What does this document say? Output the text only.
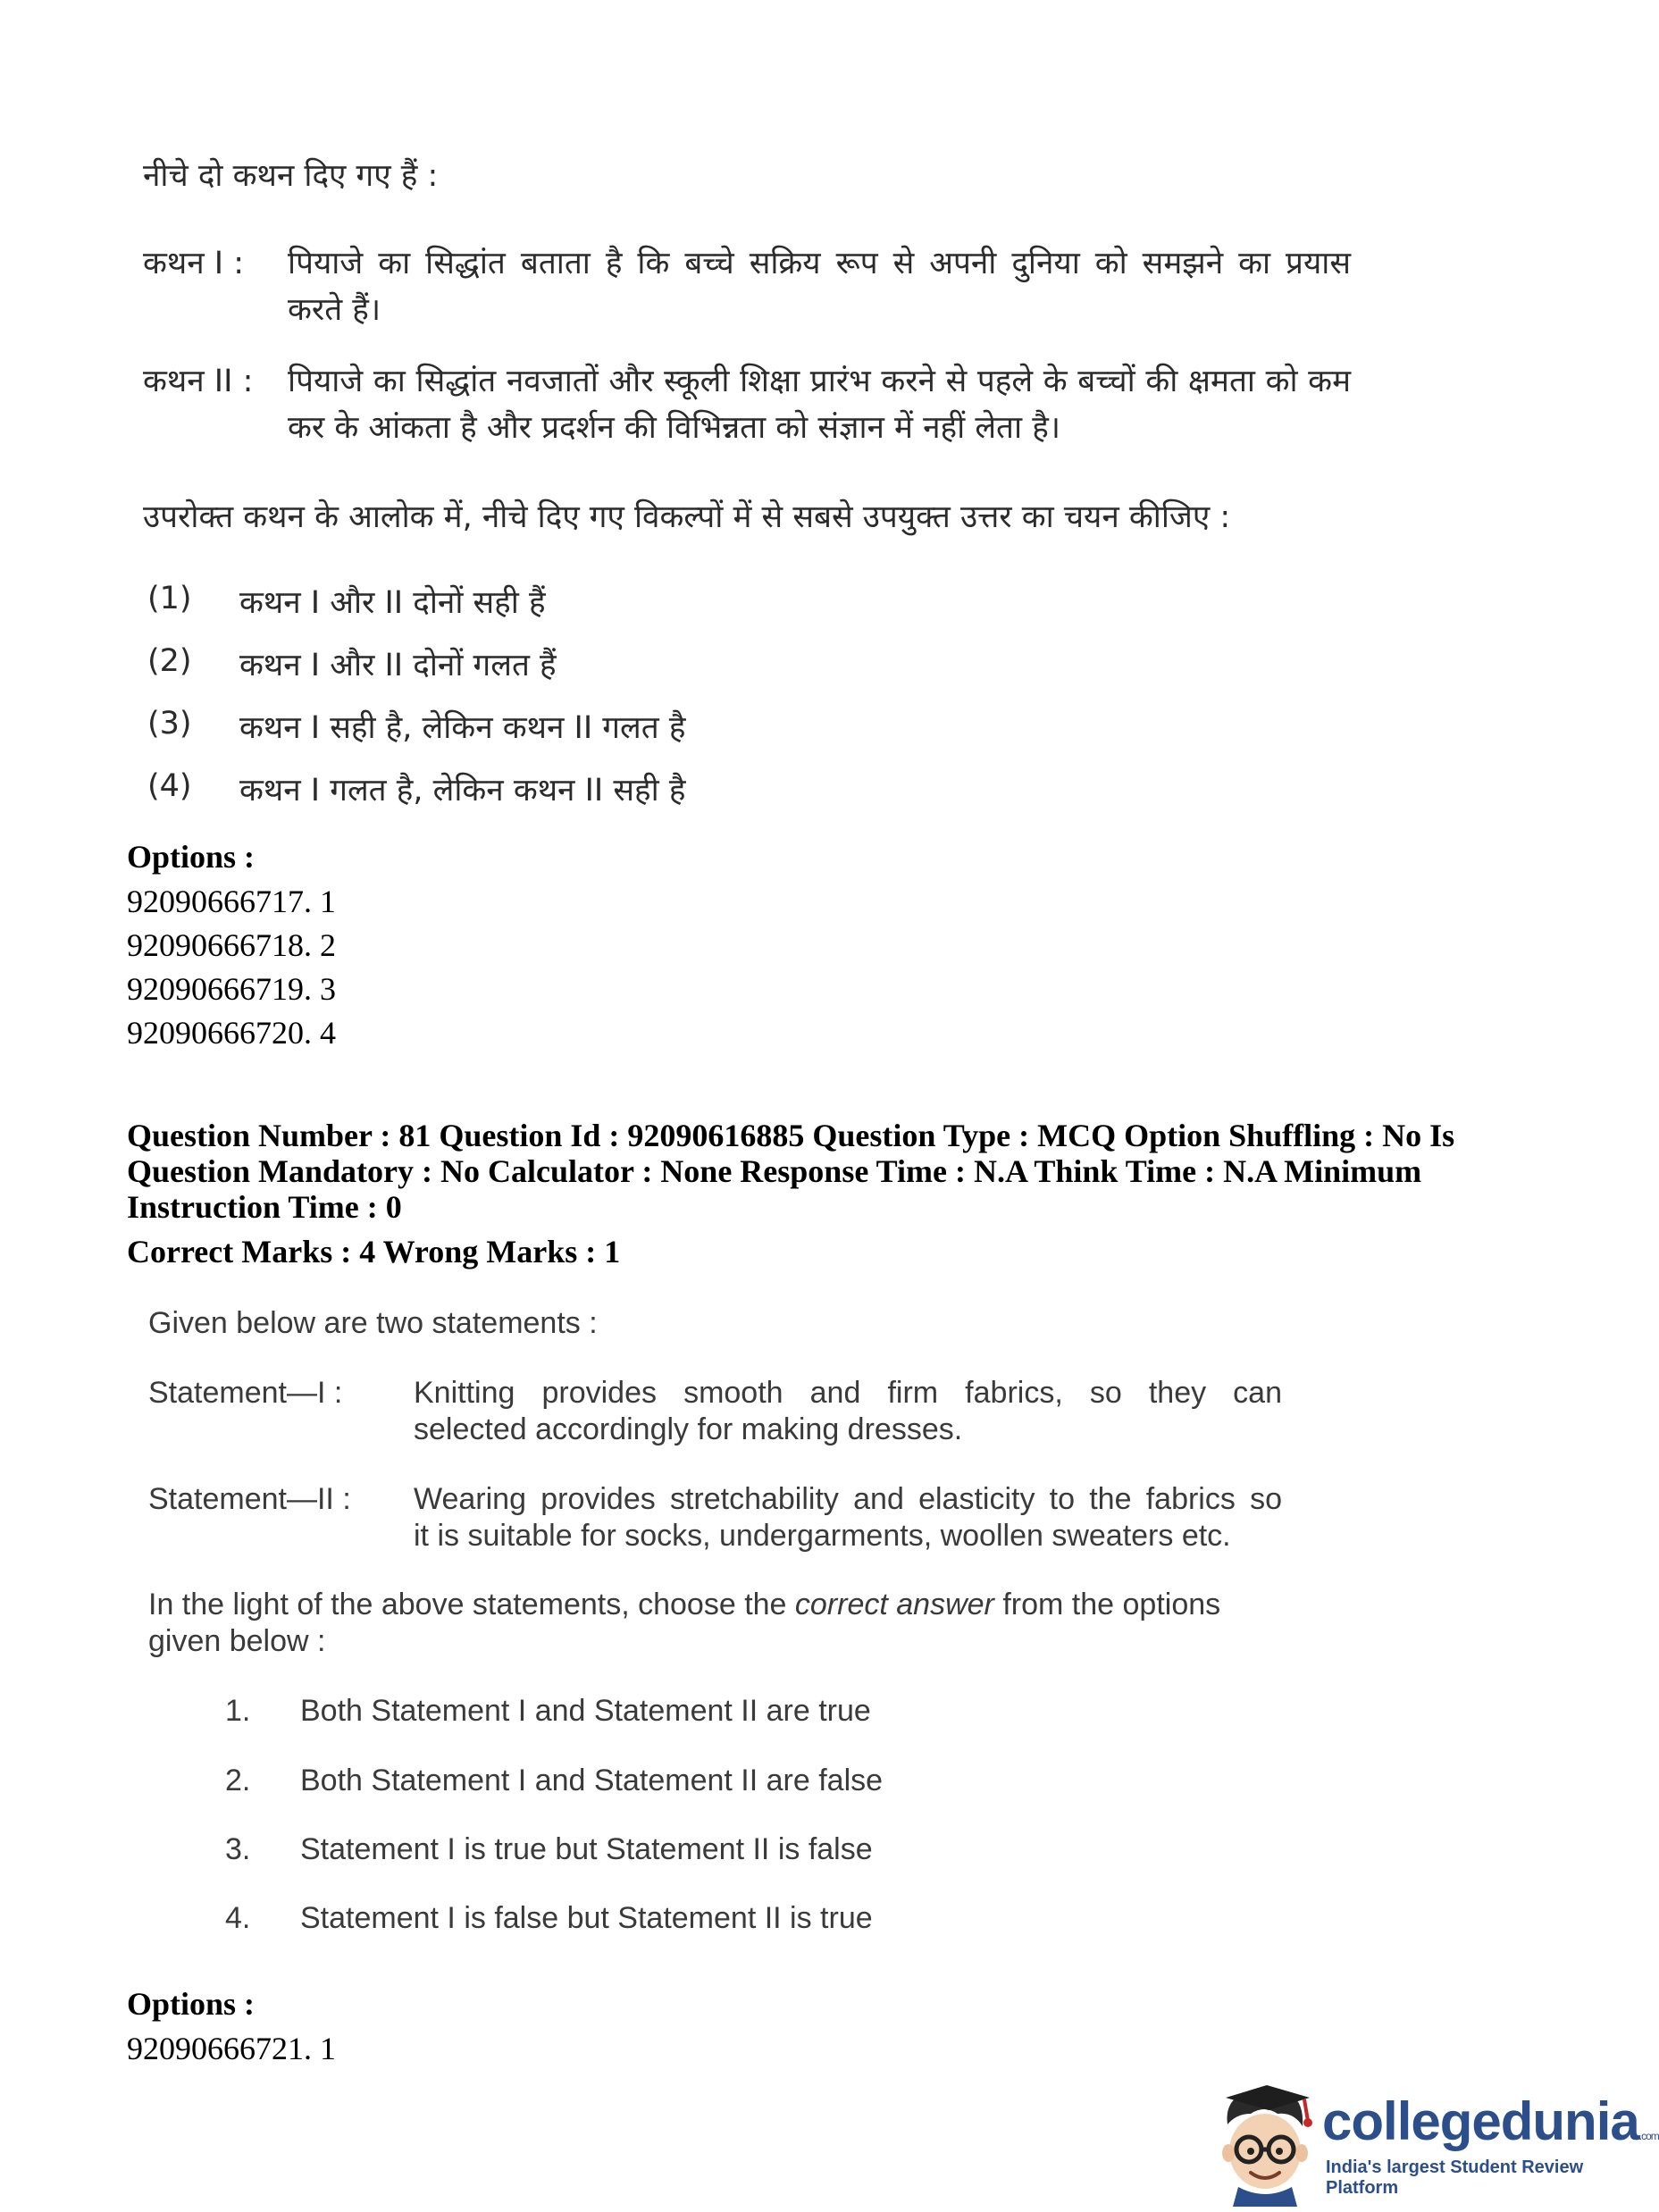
नीचे दो कथन दिए गए हैं :
कथन I : पियाजे का सिद्धांत बताता है कि बच्चे सक्रिय रूप से अपनी दुनिया को समझने का प्रयास
करते हैं।
कथन II : पियाजे का सिद्धांत नवजातों और स्कूली शिक्षा प्रारंभ करने से पहले के बच्चों की क्षमता को कम
कर के आंकता है और प्रदर्शन की विभिन्नता को संज्ञान में नहीं लेता है।
उपरोक्त कथन के आलोक में, नीचे दिए गए विकल्पों में से सबसे उपयुक्त उत्तर का चयन कीजिए :
(1) कथन I और II दोनों सही हैं
(2) कथन I और II दोनों गलत हैं
(3) कथन I सही है, लेकिन कथन II गलत है
(4) कथन I गलत है, लेकिन कथन II सही है
Options :
92090666717. 1
92090666718. 2
92090666719. 3
92090666720. 4
Question Number : 81 Question Id : 92090616885 Question Type : MCQ Option Shuffling : No Is
Question Mandatory : No Calculator : None Response Time : N.A Think Time : N.A Minimum
Instruction Time : 0
Correct Marks : 4 Wrong Marks : 1
Given below are two statements :
Statement—I : Knitting provides smooth and firm fabrics, so they can
selected accordingly for making dresses.
Statement—II : Wearing provides stretchability and elasticity to the fabrics so
it is suitable for socks, undergarments, woollen sweaters etc.
In the light of the above statements, choose the correct answer from the options
given below :
1. Both Statement I and Statement II are true
2. Both Statement I and Statement II are false
3. Statement I is true but Statement II is false
4. Statement I is false but Statement II is true
Options :
92090666721. 1
collegedunia.com
India's largest Student Review Platform
